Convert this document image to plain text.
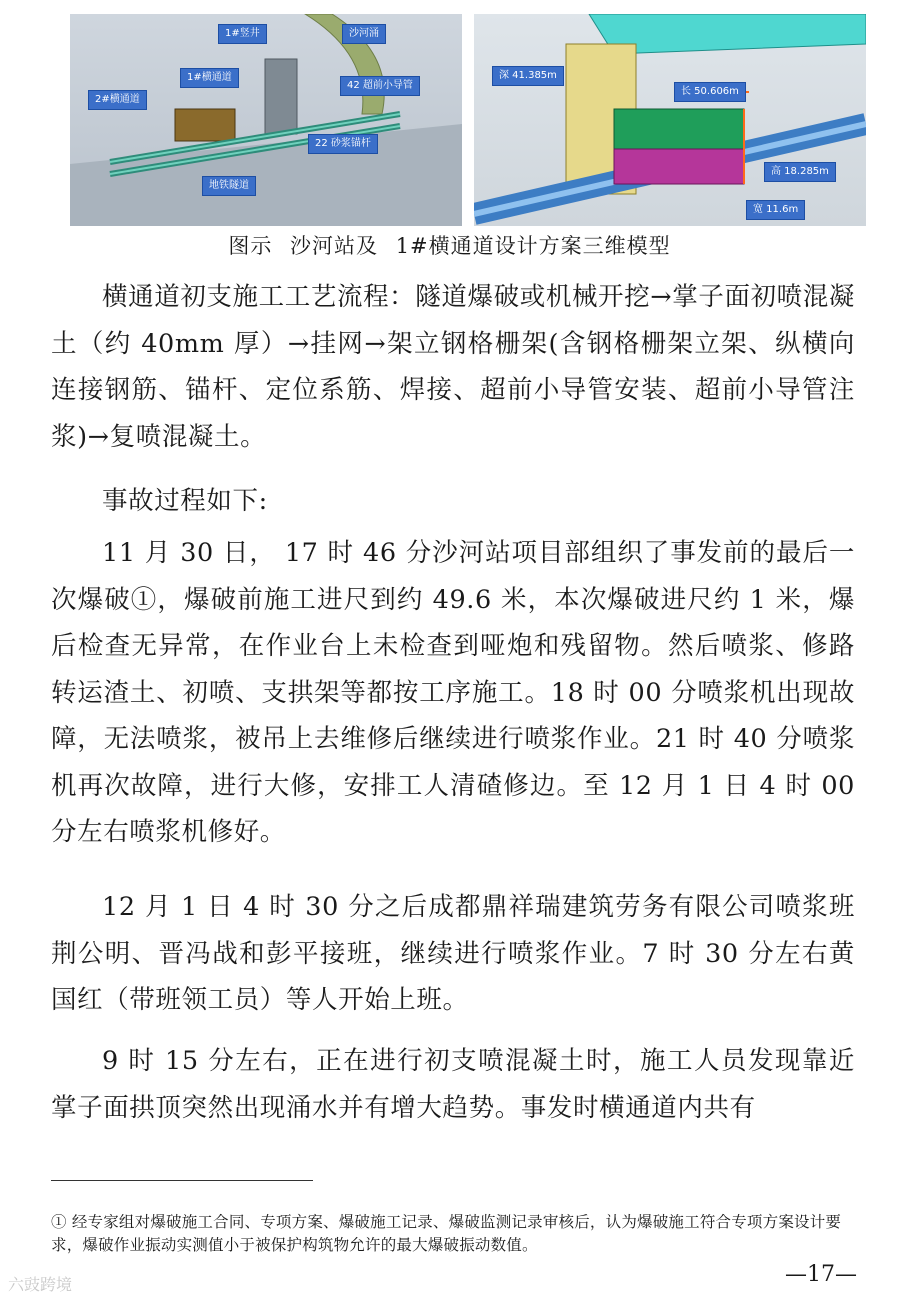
1#竖井	沙河涌
2#横通道
1#横通道
42 超前小导管
22 砂浆锚杆
地铁隧道
深 41.385m
长 50.606m
高 18.285m
宽 11.6m
图示 沙河站及 1#横通道设计方案三维模型

横通道初支施工工艺流程：隧道爆破或机械开挖→掌子面初喷混凝土（约 40mm 厚）→挂网→架立钢格栅架(含钢格栅架立架、纵横向连接钢筋、锚杆、定位系筋、焊接、超前小导管安装、超前小导管注浆)→复喷混凝土。

事故过程如下:

11 月 30 日， 17 时 46 分沙河站项目部组织了事发前的最后一次爆破①，爆破前施工进尺到约 49.6 米，本次爆破进尺约 1 米，爆后检查无异常，在作业台上未检查到哑炮和残留物。然后喷浆、修路转运渣土、初喷、支拱架等都按工序施工。18 时 00 分喷浆机出现故障，无法喷浆，被吊上去维修后继续进行喷浆作业。21 时 40 分喷浆机再次故障，进行大修，安排工人清碴修边。至 12 月 1 日 4 时 00 分左右喷浆机修好。

12 月 1 日 4 时 30 分之后成都鼎祥瑞建筑劳务有限公司喷浆班荆公明、晋冯战和彭平接班，继续进行喷浆作业。7 时 30 分左右黄国红（带班领工员）等人开始上班。

9 时 15 分左右，正在进行初支喷混凝土时，施工人员发现靠近掌子面拱顶突然出现涌水并有增大趋势。事发时横通道内共有

① 经专家组对爆破施工合同、专项方案、爆破施工记录、爆破监测记录审核后，认为爆破施工符合专项方案设计要求，爆破作业振动实测值小于被保护构筑物允许的最大爆破振动数值。

—17—
六豉跨境
